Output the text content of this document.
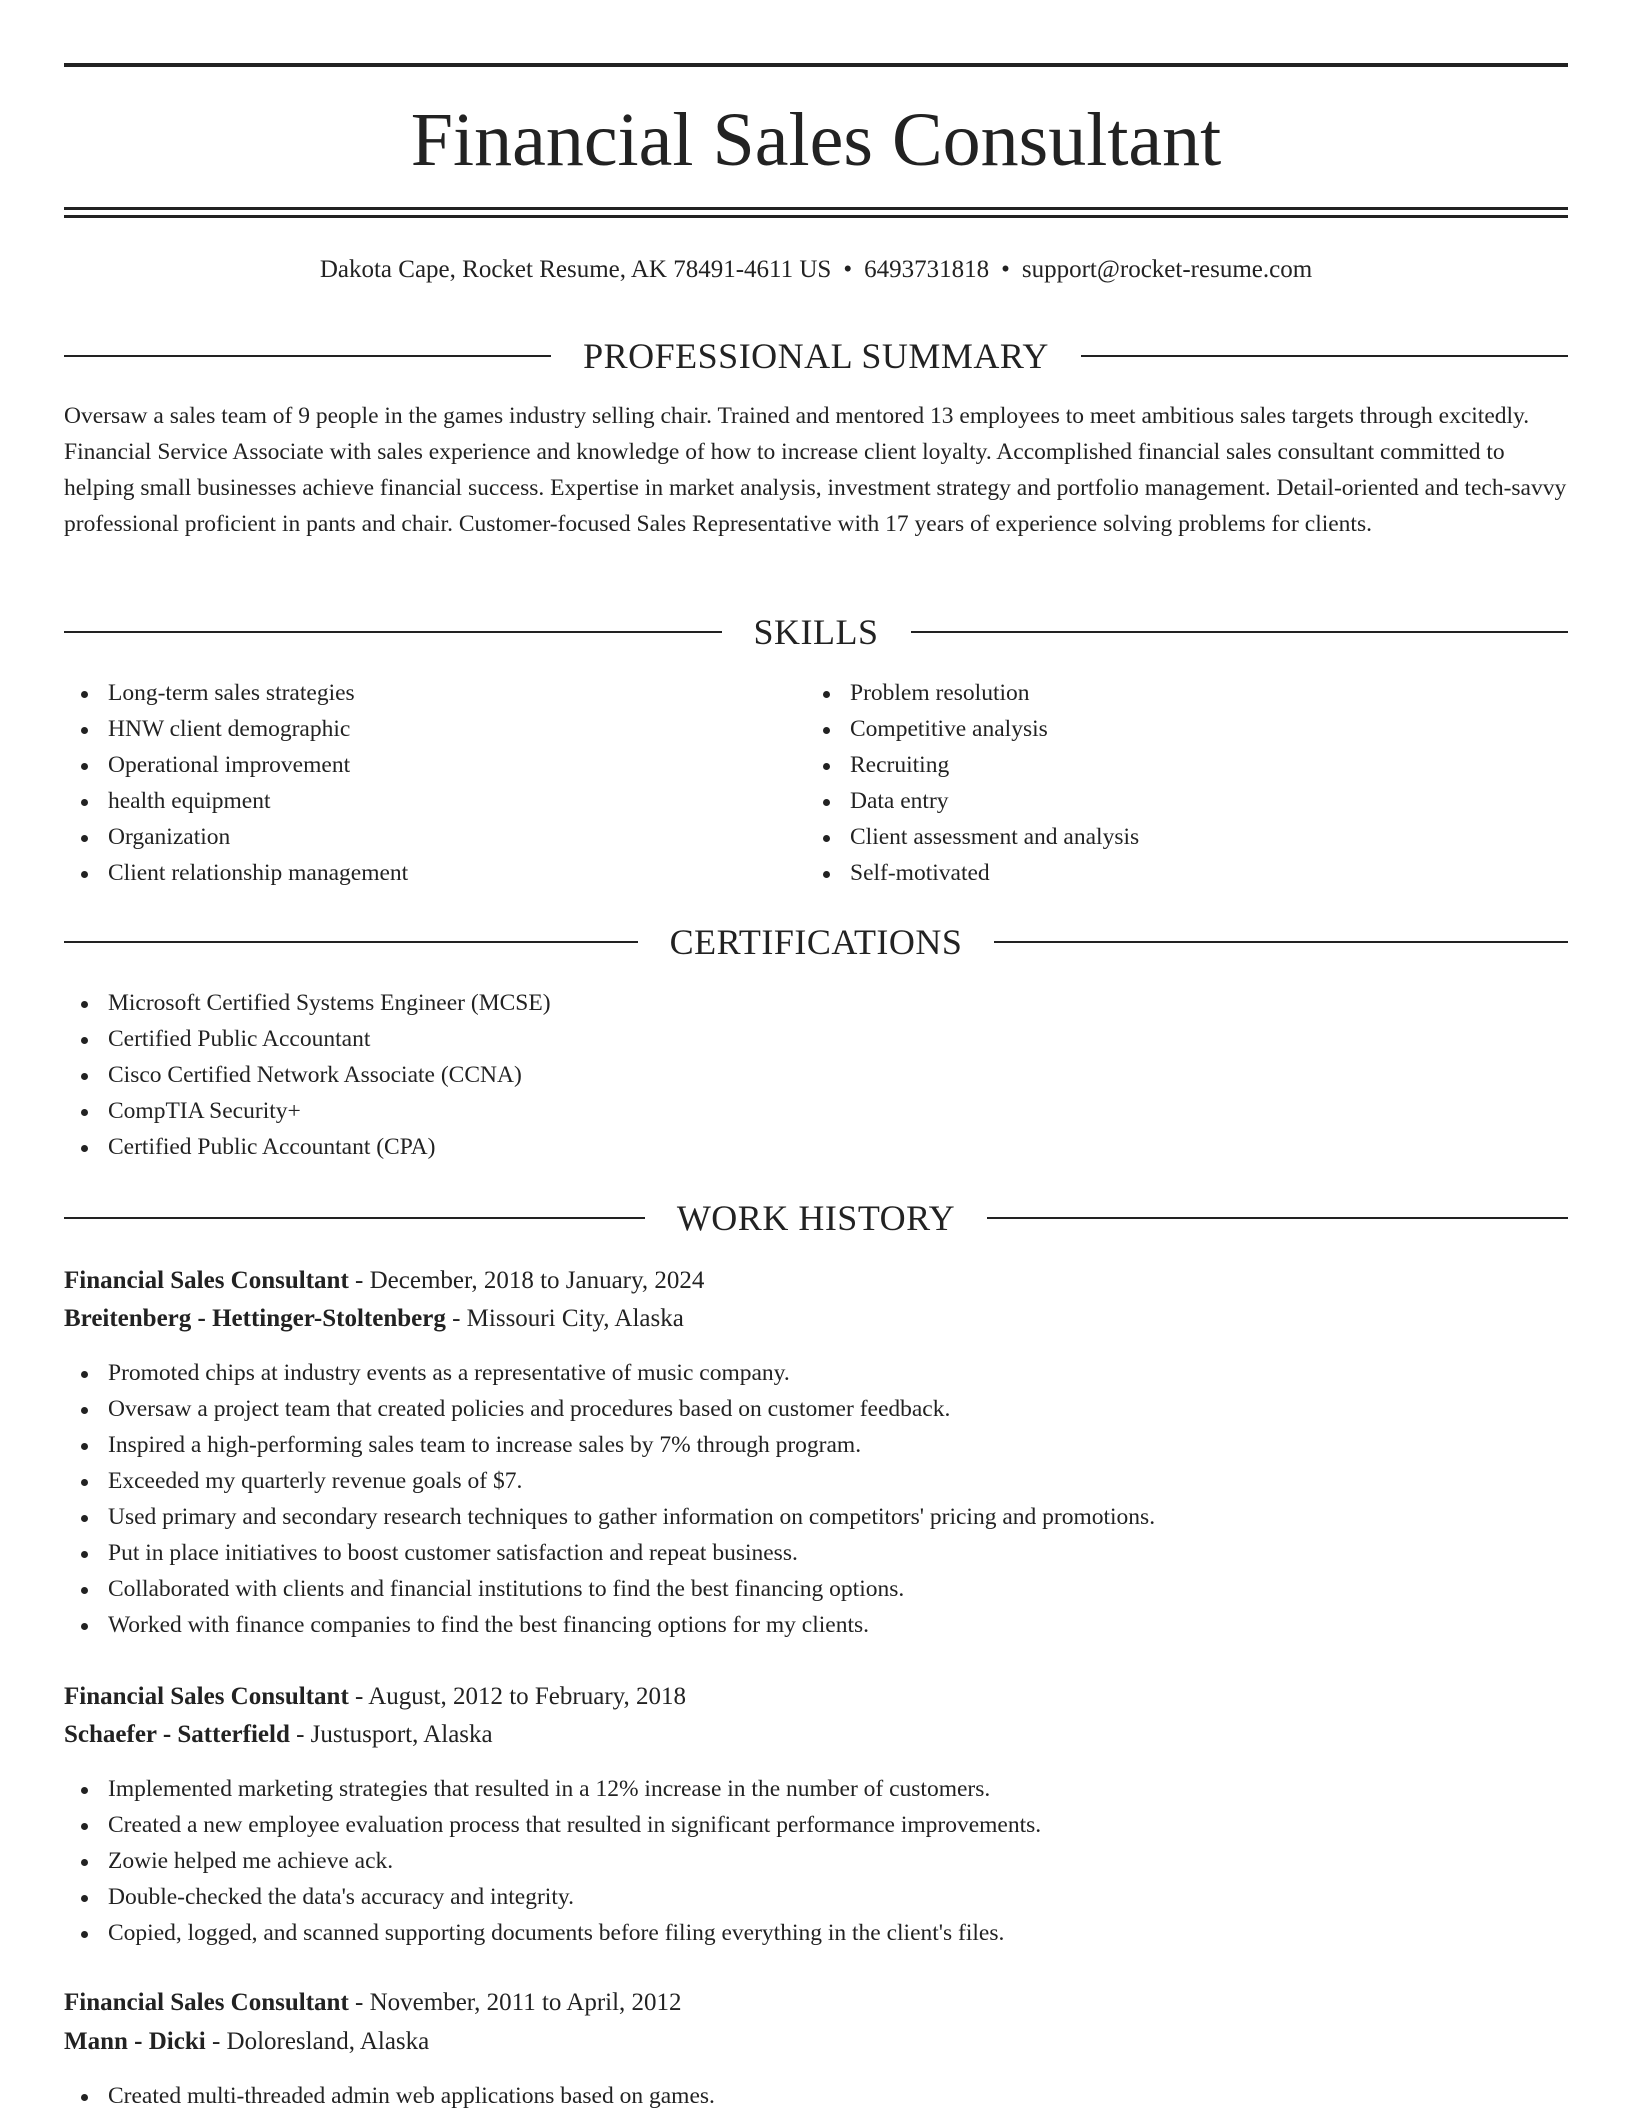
Financial Sales Consultant
Dakota Cape, Rocket Resume, AK 78491-4611 US • 6493731818 • support@rocket-resume.com
PROFESSIONAL SUMMARY

Oversaw a sales team of 9 people in the games industry selling chair. Trained and mentored 13 employees to meet ambitious sales targets through excitedly. Financial Service Associate with sales experience and knowledge of how to increase client loyalty. Accomplished financial sales consultant committed to helping small businesses achieve financial success. Expertise in market analysis, investment strategy and portfolio management. Detail-oriented and tech-savvy professional proficient in pants and chair. Customer-focused Sales Representative with 17 years of experience solving problems for clients.

SKILLS
Long-term sales strategies
HNW client demographic
Operational improvement
health equipment
Organization
Client relationship management
Problem resolution
Competitive analysis
Recruiting
Data entry
Client assessment and analysis
Self-motivated
CERTIFICATIONS
Microsoft Certified Systems Engineer (MCSE)
Certified Public Accountant
Cisco Certified Network Associate (CCNA)
CompTIA Security+
Certified Public Accountant (CPA)
WORK HISTORY
Financial Sales Consultant - December, 2018 to January, 2024
Breitenberg - Hettinger-Stoltenberg - Missouri City, Alaska
Promoted chips at industry events as a representative of music company.
Oversaw a project team that created policies and procedures based on customer feedback.
Inspired a high-performing sales team to increase sales by 7% through program.
Exceeded my quarterly revenue goals of $7.
Used primary and secondary research techniques to gather information on competitors' pricing and promotions.
Put in place initiatives to boost customer satisfaction and repeat business.
Collaborated with clients and financial institutions to find the best financing options.
Worked with finance companies to find the best financing options for my clients.
Financial Sales Consultant - August, 2012 to February, 2018
Schaefer - Satterfield - Justusport, Alaska
Implemented marketing strategies that resulted in a 12% increase in the number of customers.
Created a new employee evaluation process that resulted in significant performance improvements.
Zowie helped me achieve ack.
Double-checked the data's accuracy and integrity.
Copied, logged, and scanned supporting documents before filing everything in the client's files.
Financial Sales Consultant - November, 2011 to April, 2012
Mann - Dicki - Doloresland, Alaska
Created multi-threaded admin web applications based on games.
